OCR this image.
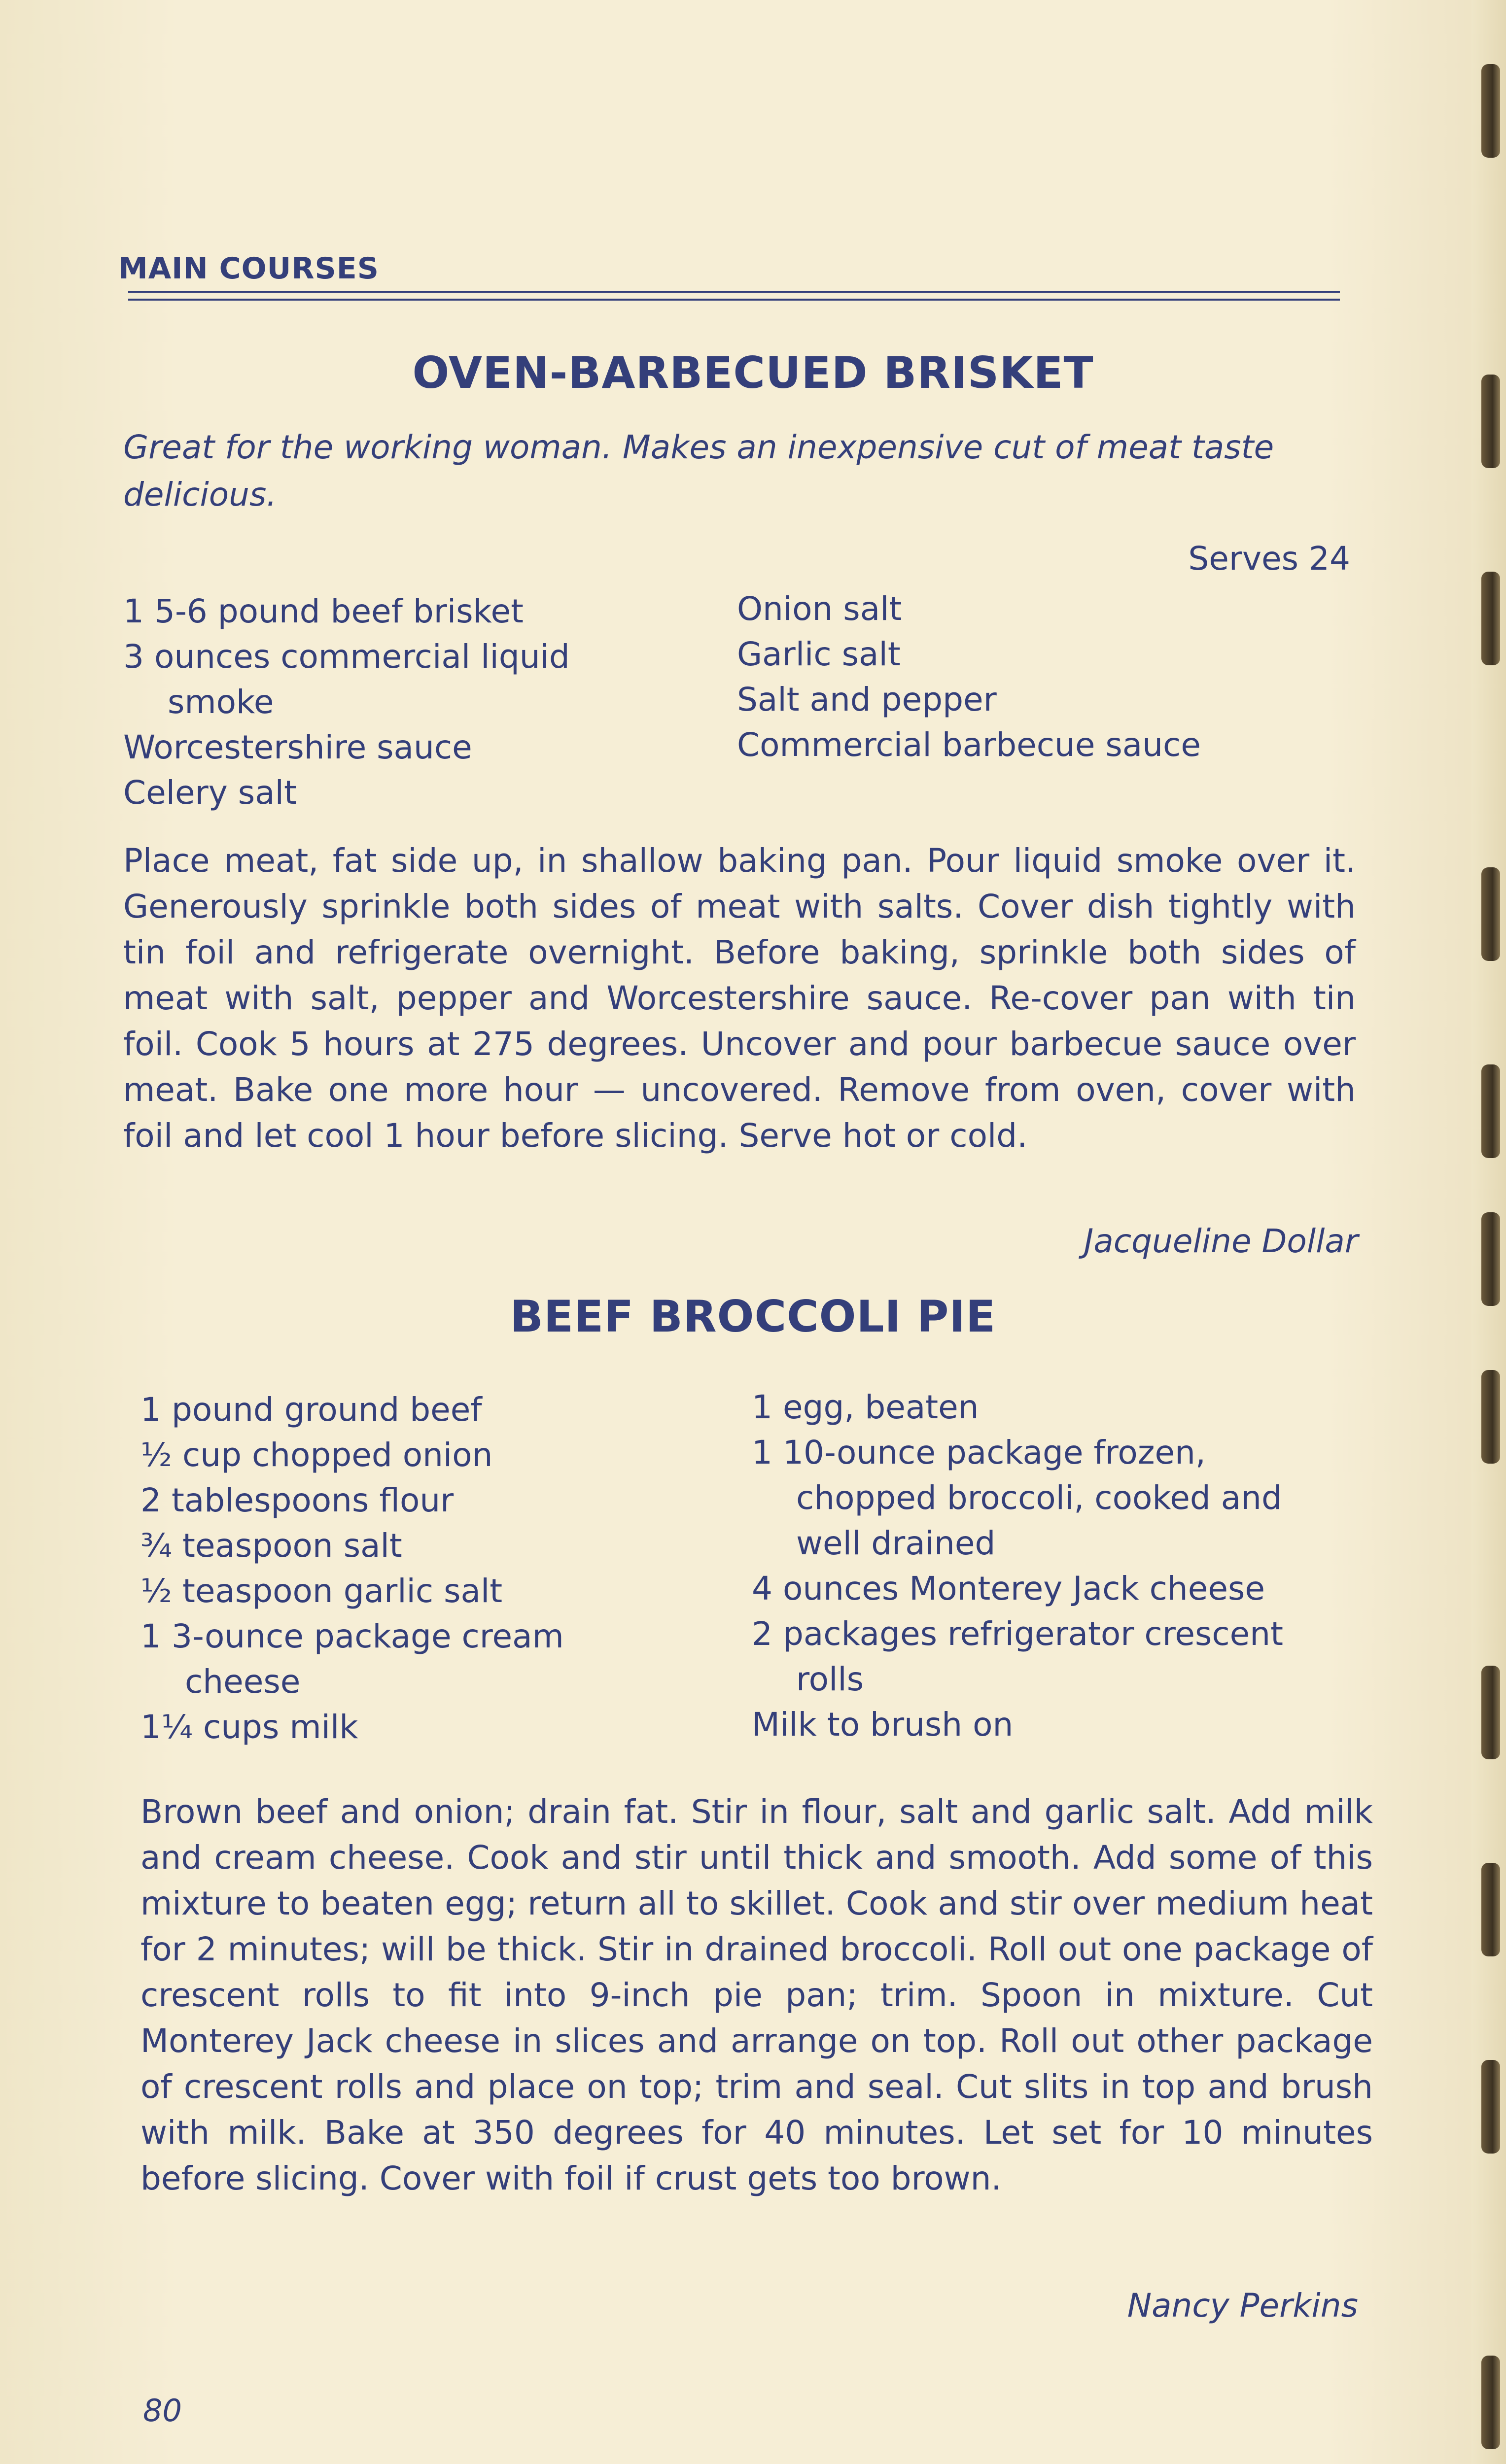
MAIN COURSES
OVEN-BARBECUED BRISKET
Great for the working woman. Makes an inexpensive cut of meat taste delicious.
Serves 24
1 5-6 pound beef brisket
3 ounces commercial liquid
smoke
Worcestershire sauce
Celery salt
Onion salt
Garlic salt
Salt and pepper
Commercial barbecue sauce
Place meat, fat side up, in shallow baking pan. Pour liquid smoke over it. Generously sprinkle both sides of meat with salts. Cover dish tightly with tin foil and refrigerate overnight. Before baking, sprinkle both sides of meat with salt, pepper and Worcestershire sauce. Re-cover pan with tin foil. Cook 5 hours at 275 degrees. Uncover and pour barbecue sauce over meat. Bake one more hour — uncovered. Remove from oven, cover with foil and let cool 1 hour before slicing. Serve hot or cold.
Jacqueline Dollar
BEEF BROCCOLI PIE
1 pound ground beef
½ cup chopped onion
2 tablespoons flour
¾ teaspoon salt
½ teaspoon garlic salt
1 3-ounce package cream
cheese
1¼ cups milk
1 egg, beaten
1 10-ounce package frozen,
chopped broccoli, cooked and
well drained
4 ounces Monterey Jack cheese
2 packages refrigerator crescent
rolls
Milk to brush on
Brown beef and onion; drain fat. Stir in flour, salt and garlic salt. Add milk and cream cheese. Cook and stir until thick and smooth. Add some of this mixture to beaten egg; return all to skillet. Cook and stir over medium heat for 2 minutes; will be thick. Stir in drained broccoli. Roll out one package of crescent rolls to fit into 9-inch pie pan; trim. Spoon in mixture. Cut Monterey Jack cheese in slices and arrange on top. Roll out other package of crescent rolls and place on top; trim and seal. Cut slits in top and brush with milk. Bake at 350 degrees for 40 minutes. Let set for 10 minutes before slicing. Cover with foil if crust gets too brown.
Nancy Perkins
80
